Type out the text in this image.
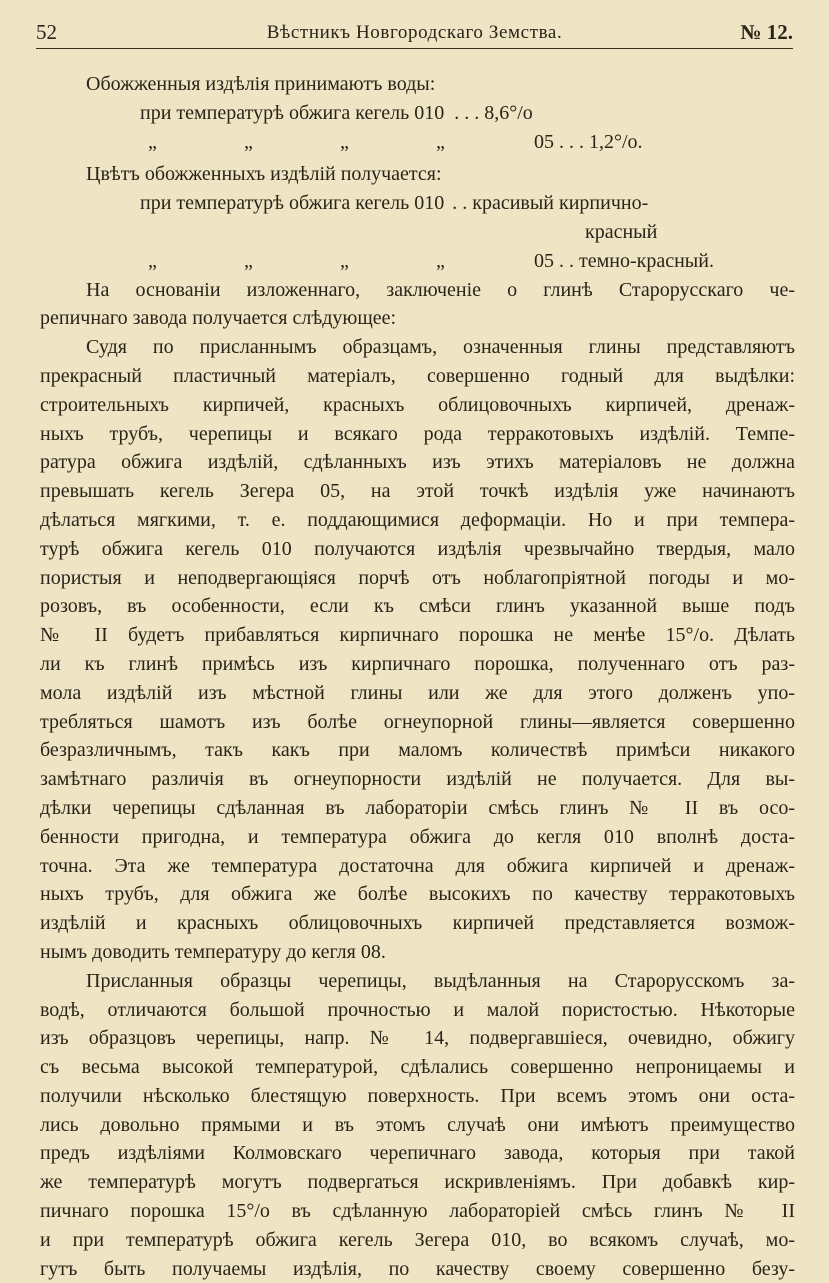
52	Вѣстникъ Новгородскаго Земства.	№ 12.
Обожженныя издѣлія принимаютъ воды:
при температурѣ обжига кегель 010 . . . 8,6°/о
„	„	„	„	05 . . . 1,2°/о.
Цвѣтъ обожженныхъ издѣлій получается:
при температурѣ обжига кегель 010 . . красивый кирпично-
красный
„	„	„	„	05 . . темно-красный.
На основаніи изложеннаго, заключеніе о глинѣ Старорусскаго че-
репичнаго завода получается слѣдующее:
Судя по присланнымъ образцамъ, означенныя глины представляютъ
прекрасный пластичный матеріалъ, совершенно годный для выдѣлки:
строительныхъ кирпичей, красныхъ облицовочныхъ кирпичей, дренаж-
ныхъ трубъ, черепицы и всякаго рода терракотовыхъ издѣлій. Темпе-
ратура обжига издѣлій, сдѣланныхъ изъ этихъ матеріаловъ не должна
превышать кегель Зегера 05, на этой точкѣ издѣлія уже начинаютъ
дѣлаться мягкими, т. е. поддающимися деформаціи. Но и при темпера-
турѣ обжига кегель 010 получаются издѣлія чрезвычайно твердыя, мало
пористыя и неподвергающіяся порчѣ отъ ноблагопріятной погоды и мо-
розовъ, въ особенности, если къ смѣси глинъ указанной выше подъ
№ II будетъ прибавляться кирпичнаго порошка не менѣе 15°/о. Дѣлать
ли къ глинѣ примѣсь изъ кирпичнаго порошка, полученнаго отъ раз-
мола издѣлій изъ мѣстной глины или же для этого долженъ упо-
требляться шамотъ изъ болѣе огнеупорной глины—является совершенно
безразличнымъ, такъ какъ при маломъ количествѣ примѣси никакого
замѣтнаго различія въ огнеупорности издѣлій не получается. Для вы-
дѣлки черепицы сдѣланная въ лабораторіи смѣсь глинъ № II въ осо-
бенности пригодна, и температура обжига до кегля 010 вполнѣ доста-
точна. Эта же температура достаточна для обжига кирпичей и дренаж-
ныхъ трубъ, для обжига же болѣе высокихъ по качеству терракотовыхъ
издѣлій и красныхъ облицовочныхъ кирпичей представляется возмож-
нымъ доводить температуру до кегля 08.
Присланныя образцы черепицы, выдѣланныя на Старорусскомъ за-
водѣ, отличаются большой прочностью и малой пористостью. Нѣкоторые
изъ образцовъ черепицы, напр. № 14, подвергавшіеся, очевидно, обжигу
съ весьма высокой температурой, сдѣлались совершенно непроницаемы и
получили нѣсколько блестящую поверхность. При всемъ этомъ они оста-
лись довольно прямыми и въ этомъ случаѣ они имѣютъ преимущество
предъ издѣліями Колмовскаго черепичнаго завода, которыя при такой
же температурѣ могутъ подвергаться искривленіямъ. При добавкѣ кир-
пичнаго порошка 15°/о въ сдѣланную лабораторіей смѣсь глинъ № II
и при температурѣ обжига кегель Зегера 010, во всякомъ случаѣ, мо-
гутъ быть получаемы издѣлія, по качеству своему совершенно безу-
